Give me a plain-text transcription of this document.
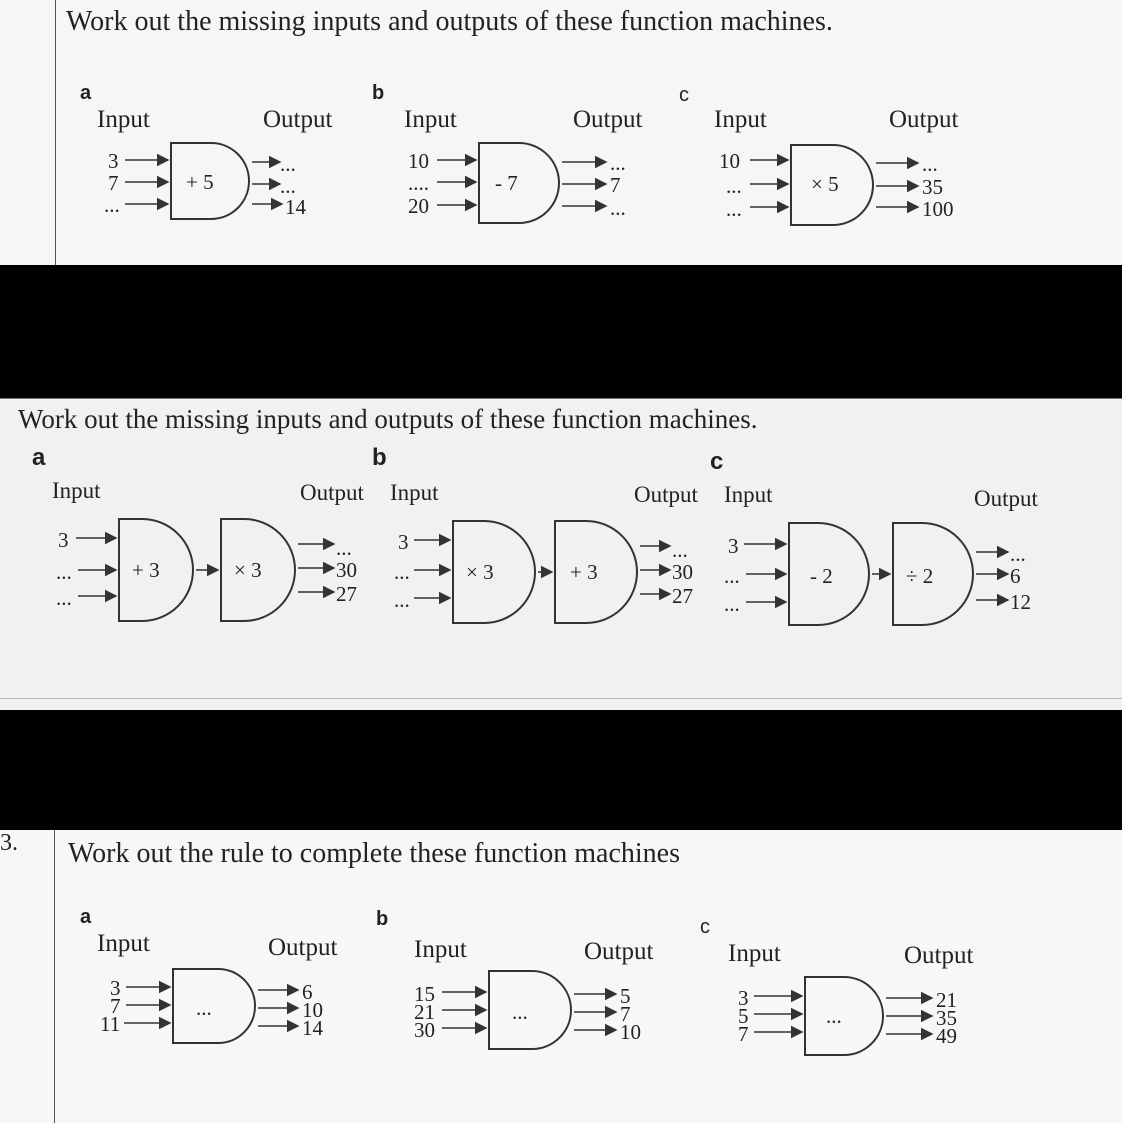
Work out the missing inputs and outputs of these function machines.
a
Input	Output
3
7
...
+ 5
...
...
14
b
Input	Output
10
....
20
- 7
...
7
...
c
Input	Output
10
...
...
× 5
...
35
100
Work out the missing inputs and outputs of these function machines.
a
Input	Output
3
...
...
+ 3	× 3
...
30
27
b
Input	Output
3
...
...
× 3	+ 3
...
30
27
c
Input	Output
3
...
...
- 2	÷ 2
...
6
12
3. Work out the rule to complete these function machines
a
Input	Output
3
7
11
...
6
10
14
b
Input	Output
15
21
30
...
5
7
10
c
Input	Output
3
5
7
...
21
35
49
